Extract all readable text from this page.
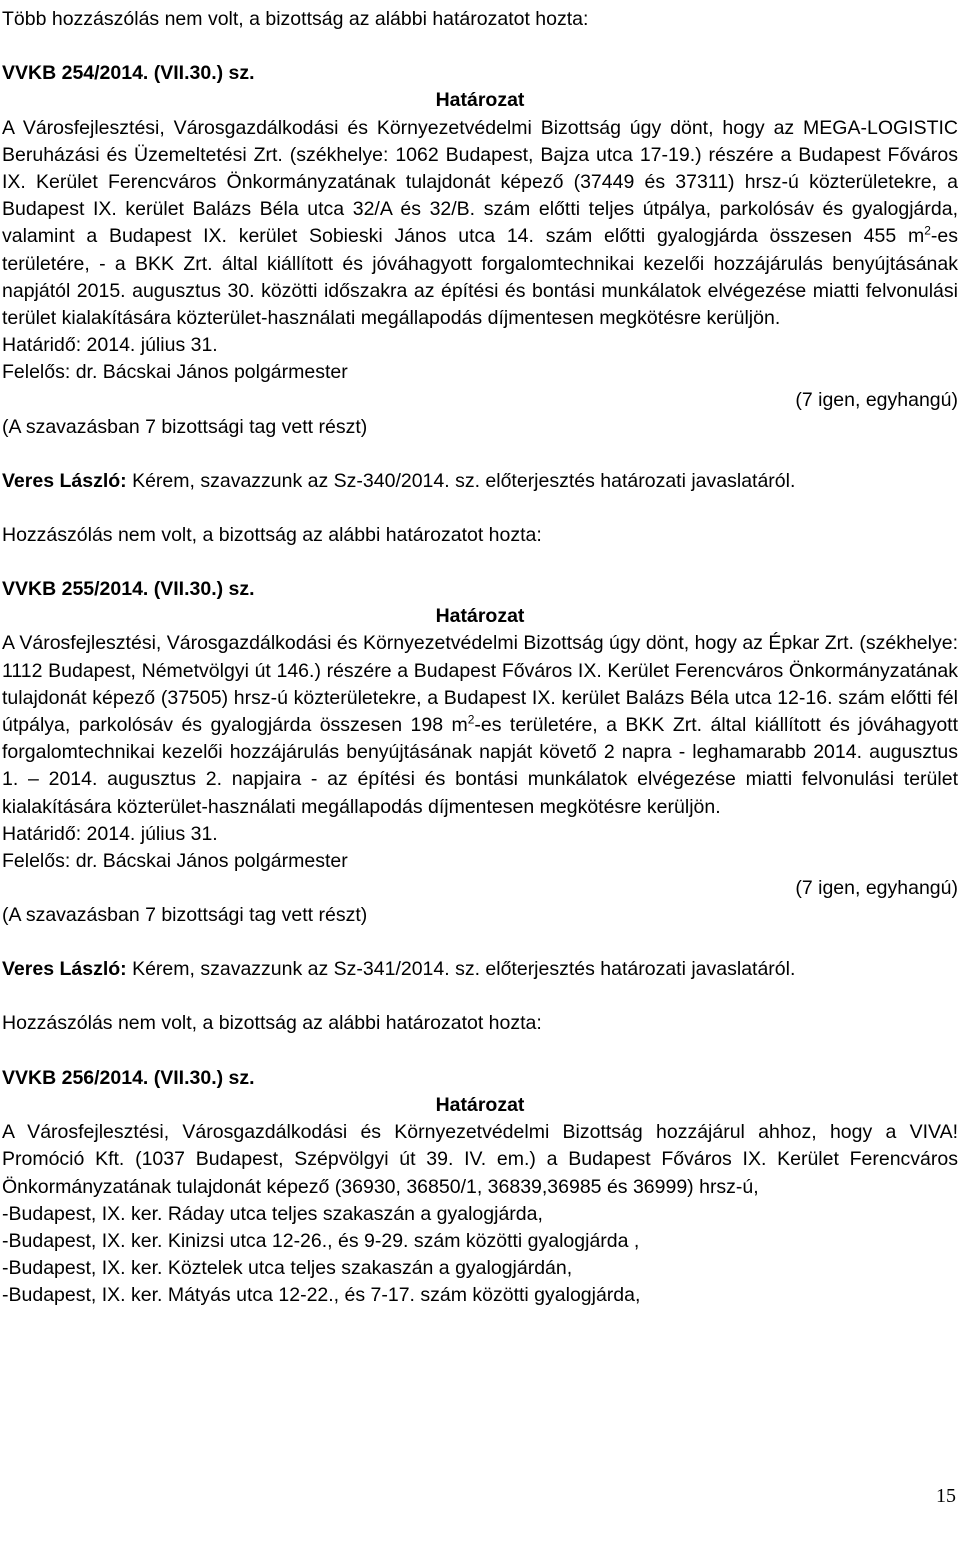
Több hozzászólás nem volt, a bizottság az alábbi határozatot hozta:

VVKB 254/2014. (VII.30.) sz.

Határozat

A Városfejlesztési, Városgazdálkodási és Környezetvédelmi Bizottság úgy dönt, hogy az MEGA-LOGISTIC Beruházási és Üzemeltetési Zrt. (székhelye: 1062 Budapest, Bajza utca 17-19.) részére a Budapest Főváros IX. Kerület Ferencváros Önkormányzatának tulajdonát képező (37449 és 37311) hrsz-ú közterületekre, a Budapest IX. kerület Balázs Béla utca 32/A és 32/B. szám előtti teljes útpálya, parkolósáv és gyalogjárda, valamint a Budapest IX. kerület Sobieski János utca 14. szám előtti gyalogjárda összesen 455 $m^2-es$ területére, - a BKK Zrt. által kiállított és jóváhagyott forgalomtechnikai kezelői hozzájárulás benyújtásának napjától 2015. augusztus 30. közötti időszakra az építési és bontási munkálatok elvégezése miatti felvonulási terület kialakítására közterület-használati megállapodás díjmentesen megkötésre kerüljön.

Határidő: 2014. július 31.

Felelős: dr. Bácskai János polgármester

(7 igen, egyhangú)
(A szavazásban 7 bizottsági tag vett részt)

Veres László: Kérem, szavazzunk az Sz-340/2014. sz. előterjesztés határozati javaslatáról.

Hozzászólás nem volt, a bizottság az alábbi határozatot hozta:

VVKB 255/2014. (VII.30.) sz.

Határozat

A Városfejlesztési, Városgazdálkodási és Környezetvédelmi Bizottság úgy dönt, hogy az Épkar Zrt. (székhelye: 1112 Budapest, Németvölgyi út 146.) részére a Budapest Főváros IX. Kerület Ferencváros Önkormányzatának tulajdonát képező (37505) hrsz-ú közterületekre, a Budapest IX. kerület Balázs Béla utca 12-16. szám előtti fél útpálya, parkolósáv és gyalogjárda összesen 198 $m^2-es$ területére, a BKK Zrt. által kiállított és jóváhagyott forgalomtechnikai kezelői hozzájárulás benyújtásának napját követő 2 napra - leghamarabb 2014. augusztus 1. – 2014. augusztus 2. napjaira - az építési és bontási munkálatok elvégezése miatti felvonulási terület kialakítására közterület-használati megállapodás díjmentesen megkötésre kerüljön.

Határidő: 2014. július 31.

Felelős: dr. Bácskai János polgármester

(7 igen, egyhangú)
(A szavazásban 7 bizottsági tag vett részt)

Veres László: Kérem, szavazzunk az Sz-341/2014. sz. előterjesztés határozati javaslatáról.

Hozzászólás nem volt, a bizottság az alábbi határozatot hozta:

VVKB 256/2014. (VII.30.) sz.

Határozat

A Városfejlesztési, Városgazdálkodási és Környezetvédelmi Bizottság hozzájárul ahhoz, hogy a VIVA! Promóció Kft. (1037 Budapest, Szépvölgyi út 39. IV. em.) a Budapest Főváros IX. Kerület Ferencváros Önkormányzatának tulajdonát képező (36930, 36850/1, 36839,36985 és 36999) hrsz-ú,

-Budapest, IX. ker. Ráday utca teljes szakaszán a gyalogjárda,

-Budapest, IX. ker. Kinizsi utca 12-26., és 9-29. szám közötti gyalogjárda ,

-Budapest, IX. ker. Köztelek utca teljes szakaszán a gyalogjárdán,

-Budapest, IX. ker. Mátyás utca 12-22., és 7-17. szám közötti gyalogjárda,

15
